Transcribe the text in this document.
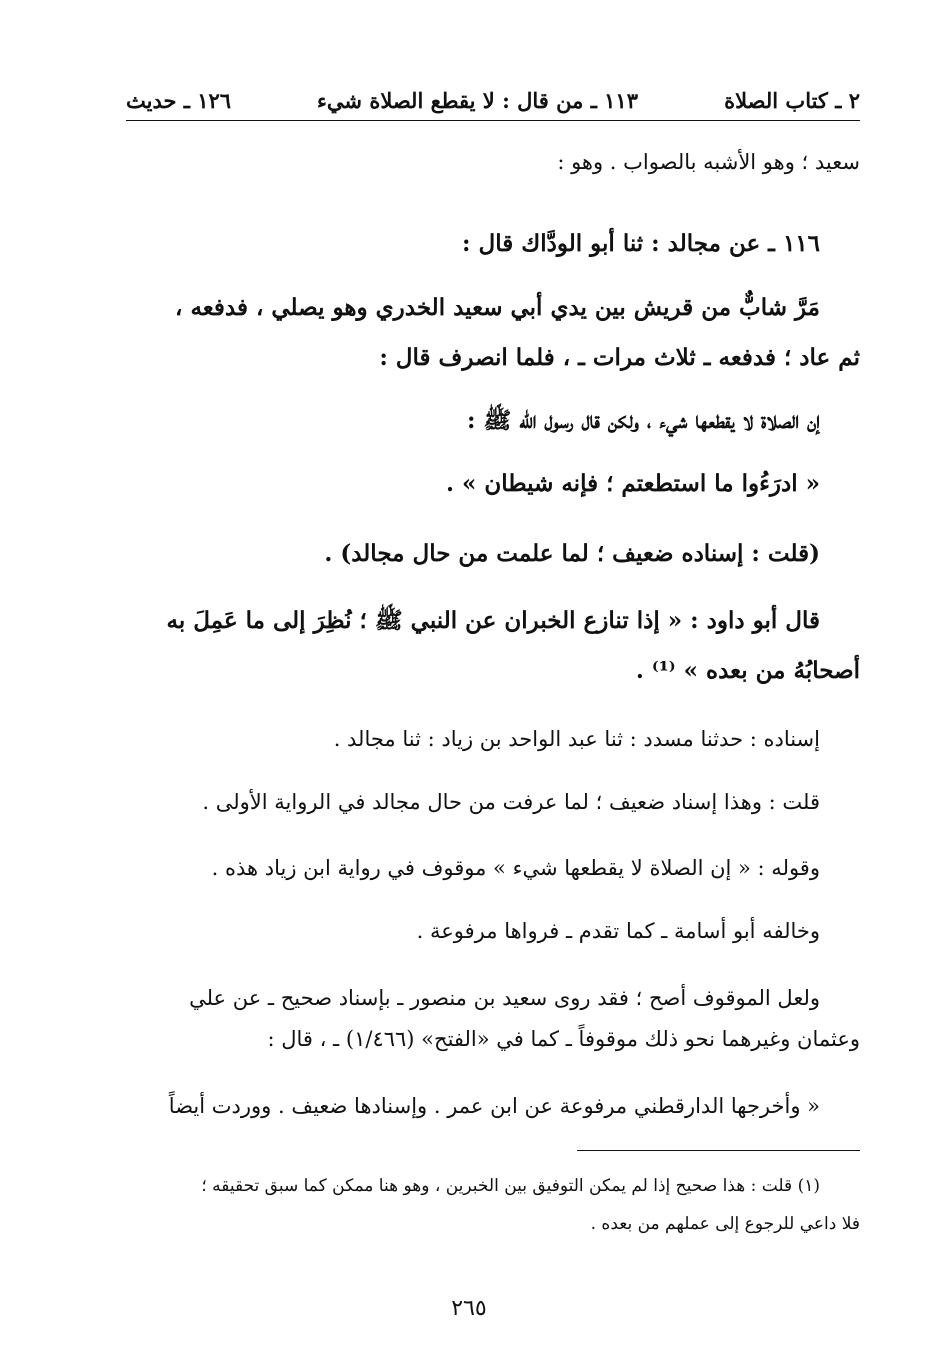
٢ ـ كتاب الصلاة
١١٣ ـ من قال : لا يقطع الصلاة شيء
١٢٦ ـ حديث
سعيد ؛ وهو الأشبه بالصواب . وهو :
١١٦ ـ عن مجالد : ثنا أبو الودَّاك قال :
مَرَّ شابٌّ من قريش بين يدي أبي سعيد الخدري وهو يصلي ، فدفعه ،
ثم عاد ؛ فدفعه ـ ثلاث مرات ـ ، فلما انصرف قال :
إن الصلاة لا يقطعها شيء ، ولكن قال رسول الله ﷺ :
« ادرَءُوا ما استطعتم ؛ فإنه شيطان » .
(قلت : إسناده ضعيف ؛ لما علمت من حال مجالد) .
قال أبو داود : « إذا تنازع الخبران عن النبي ﷺ ؛ نُظِرَ إلى ما عَمِلَ به
أصحابُهُ من بعده » ⁽¹⁾ .
إسناده : حدثنا مسدد : ثنا عبد الواحد بن زياد : ثنا مجالد .
قلت : وهذا إسناد ضعيف ؛ لما عرفت من حال مجالد في الرواية الأولى .
وقوله : « إن الصلاة لا يقطعها شيء » موقوف في رواية ابن زياد هذه .
وخالفه أبو أسامة ـ كما تقدم ـ فرواها مرفوعة .
ولعل الموقوف أصح ؛ فقد روى سعيد بن منصور ـ بإسناد صحيح ـ عن علي
وعثمان وغيرهما نحو ذلك موقوفاً ـ كما في «الفتح» (١/٤٦٦) ـ ، قال :
« وأخرجها الدارقطني مرفوعة عن ابن عمر . وإسنادها ضعيف . ووردت أيضاً
(١) قلت : هذا صحيح إذا لم يمكن التوفيق بين الخبرين ، وهو هنا ممكن كما سبق تحقيقه ؛
فلا داعي للرجوع إلى عملهم من بعده .
٢٦٥
